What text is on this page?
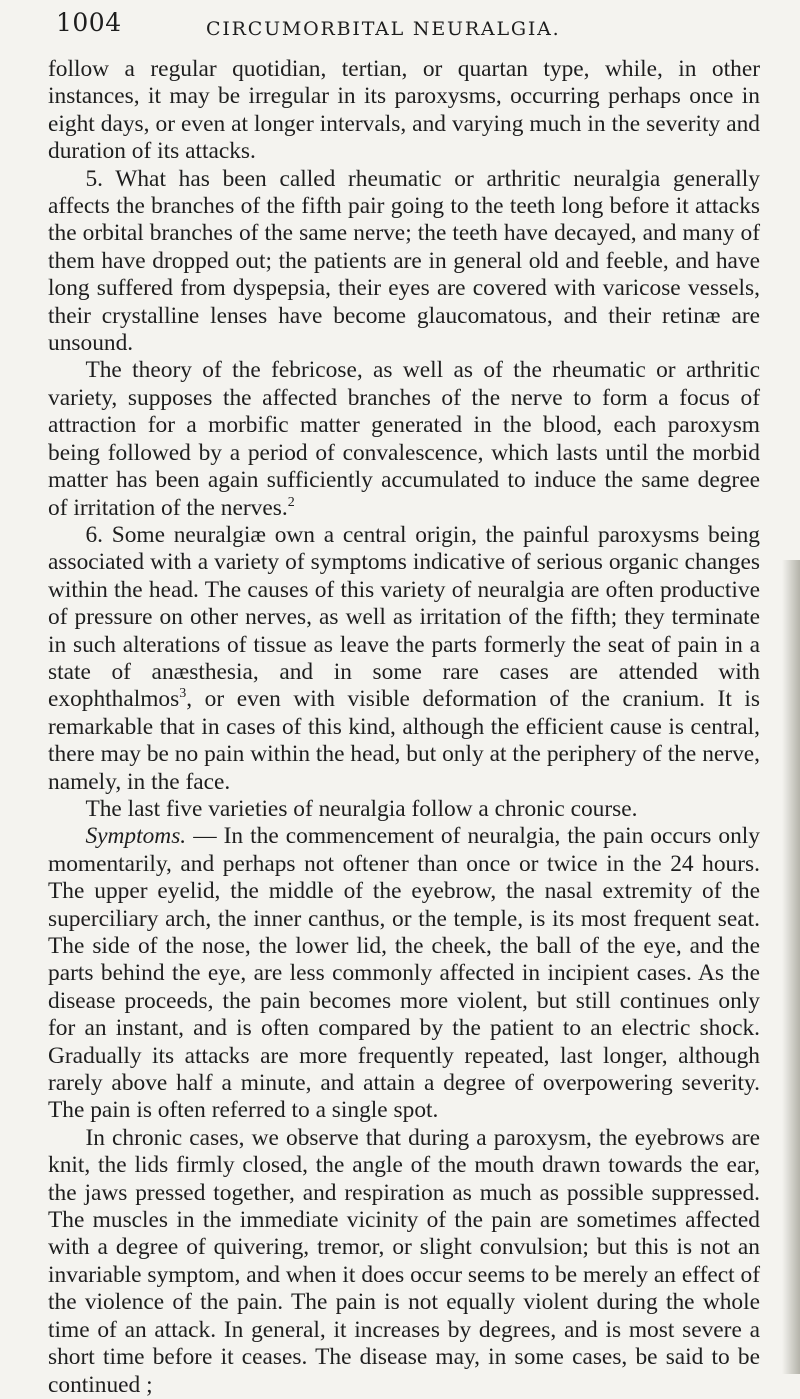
1004	CIRCUMORBITAL NEURALGIA.

follow a regular quotidian, tertian, or quartan type, while, in other instances, it may be irregular in its paroxysms, occurring perhaps once in eight days, or even at longer intervals, and varying much in the severity and duration of its attacks.

5. What has been called rheumatic or arthritic neuralgia generally affects the branches of the fifth pair going to the teeth long before it attacks the orbital branches of the same nerve; the teeth have decayed, and many of them have dropped out; the patients are in general old and feeble, and have long suffered from dyspepsia, their eyes are covered with varicose vessels, their crystalline lenses have become glaucomatous, and their retinæ are unsound.

The theory of the febricose, as well as of the rheumatic or arthritic variety, supposes the affected branches of the nerve to form a focus of attraction for a morbific matter generated in the blood, each paroxysm being followed by a period of convalescence, which lasts until the morbid matter has been again sufficiently accumulated to induce the same degree of irritation of the nerves.$^2$

6. Some neuralgiæ own a central origin, the painful paroxysms being associated with a variety of symptoms indicative of serious organic changes within the head. The causes of this variety of neuralgia are often productive of pressure on other nerves, as well as irritation of the fifth; they terminate in such alterations of tissue as leave the parts formerly the seat of pain in a state of anæsthesia, and in some rare cases are attended with exophthalmos$^3$, or even with visible deformation of the cranium. It is remarkable that in cases of this kind, although the efficient cause is central, there may be no pain within the head, but only at the periphery of the nerve, namely, in the face.

The last five varieties of neuralgia follow a chronic course.

Symptoms. — In the commencement of neuralgia, the pain occurs only momentarily, and perhaps not oftener than once or twice in the 24 hours. The upper eyelid, the middle of the eyebrow, the nasal extremity of the superciliary arch, the inner canthus, or the temple, is its most frequent seat. The side of the nose, the lower lid, the cheek, the ball of the eye, and the parts behind the eye, are less commonly affected in incipient cases. As the disease proceeds, the pain becomes more violent, but still continues only for an instant, and is often compared by the patient to an electric shock. Gradually its attacks are more frequently repeated, last longer, although rarely above half a minute, and attain a degree of overpowering severity. The pain is often referred to a single spot.

In chronic cases, we observe that during a paroxysm, the eyebrows are knit, the lids firmly closed, the angle of the mouth drawn towards the ear, the jaws pressed together, and respiration as much as possible suppressed. The muscles in the immediate vicinity of the pain are sometimes affected with a degree of quivering, tremor, or slight convulsion; but this is not an invariable symptom, and when it does occur seems to be merely an effect of the violence of the pain. The pain is not equally violent during the whole time of an attack. In general, it increases by degrees, and is most severe a short time before it ceases. The disease may, in some cases, be said to be continued ;
